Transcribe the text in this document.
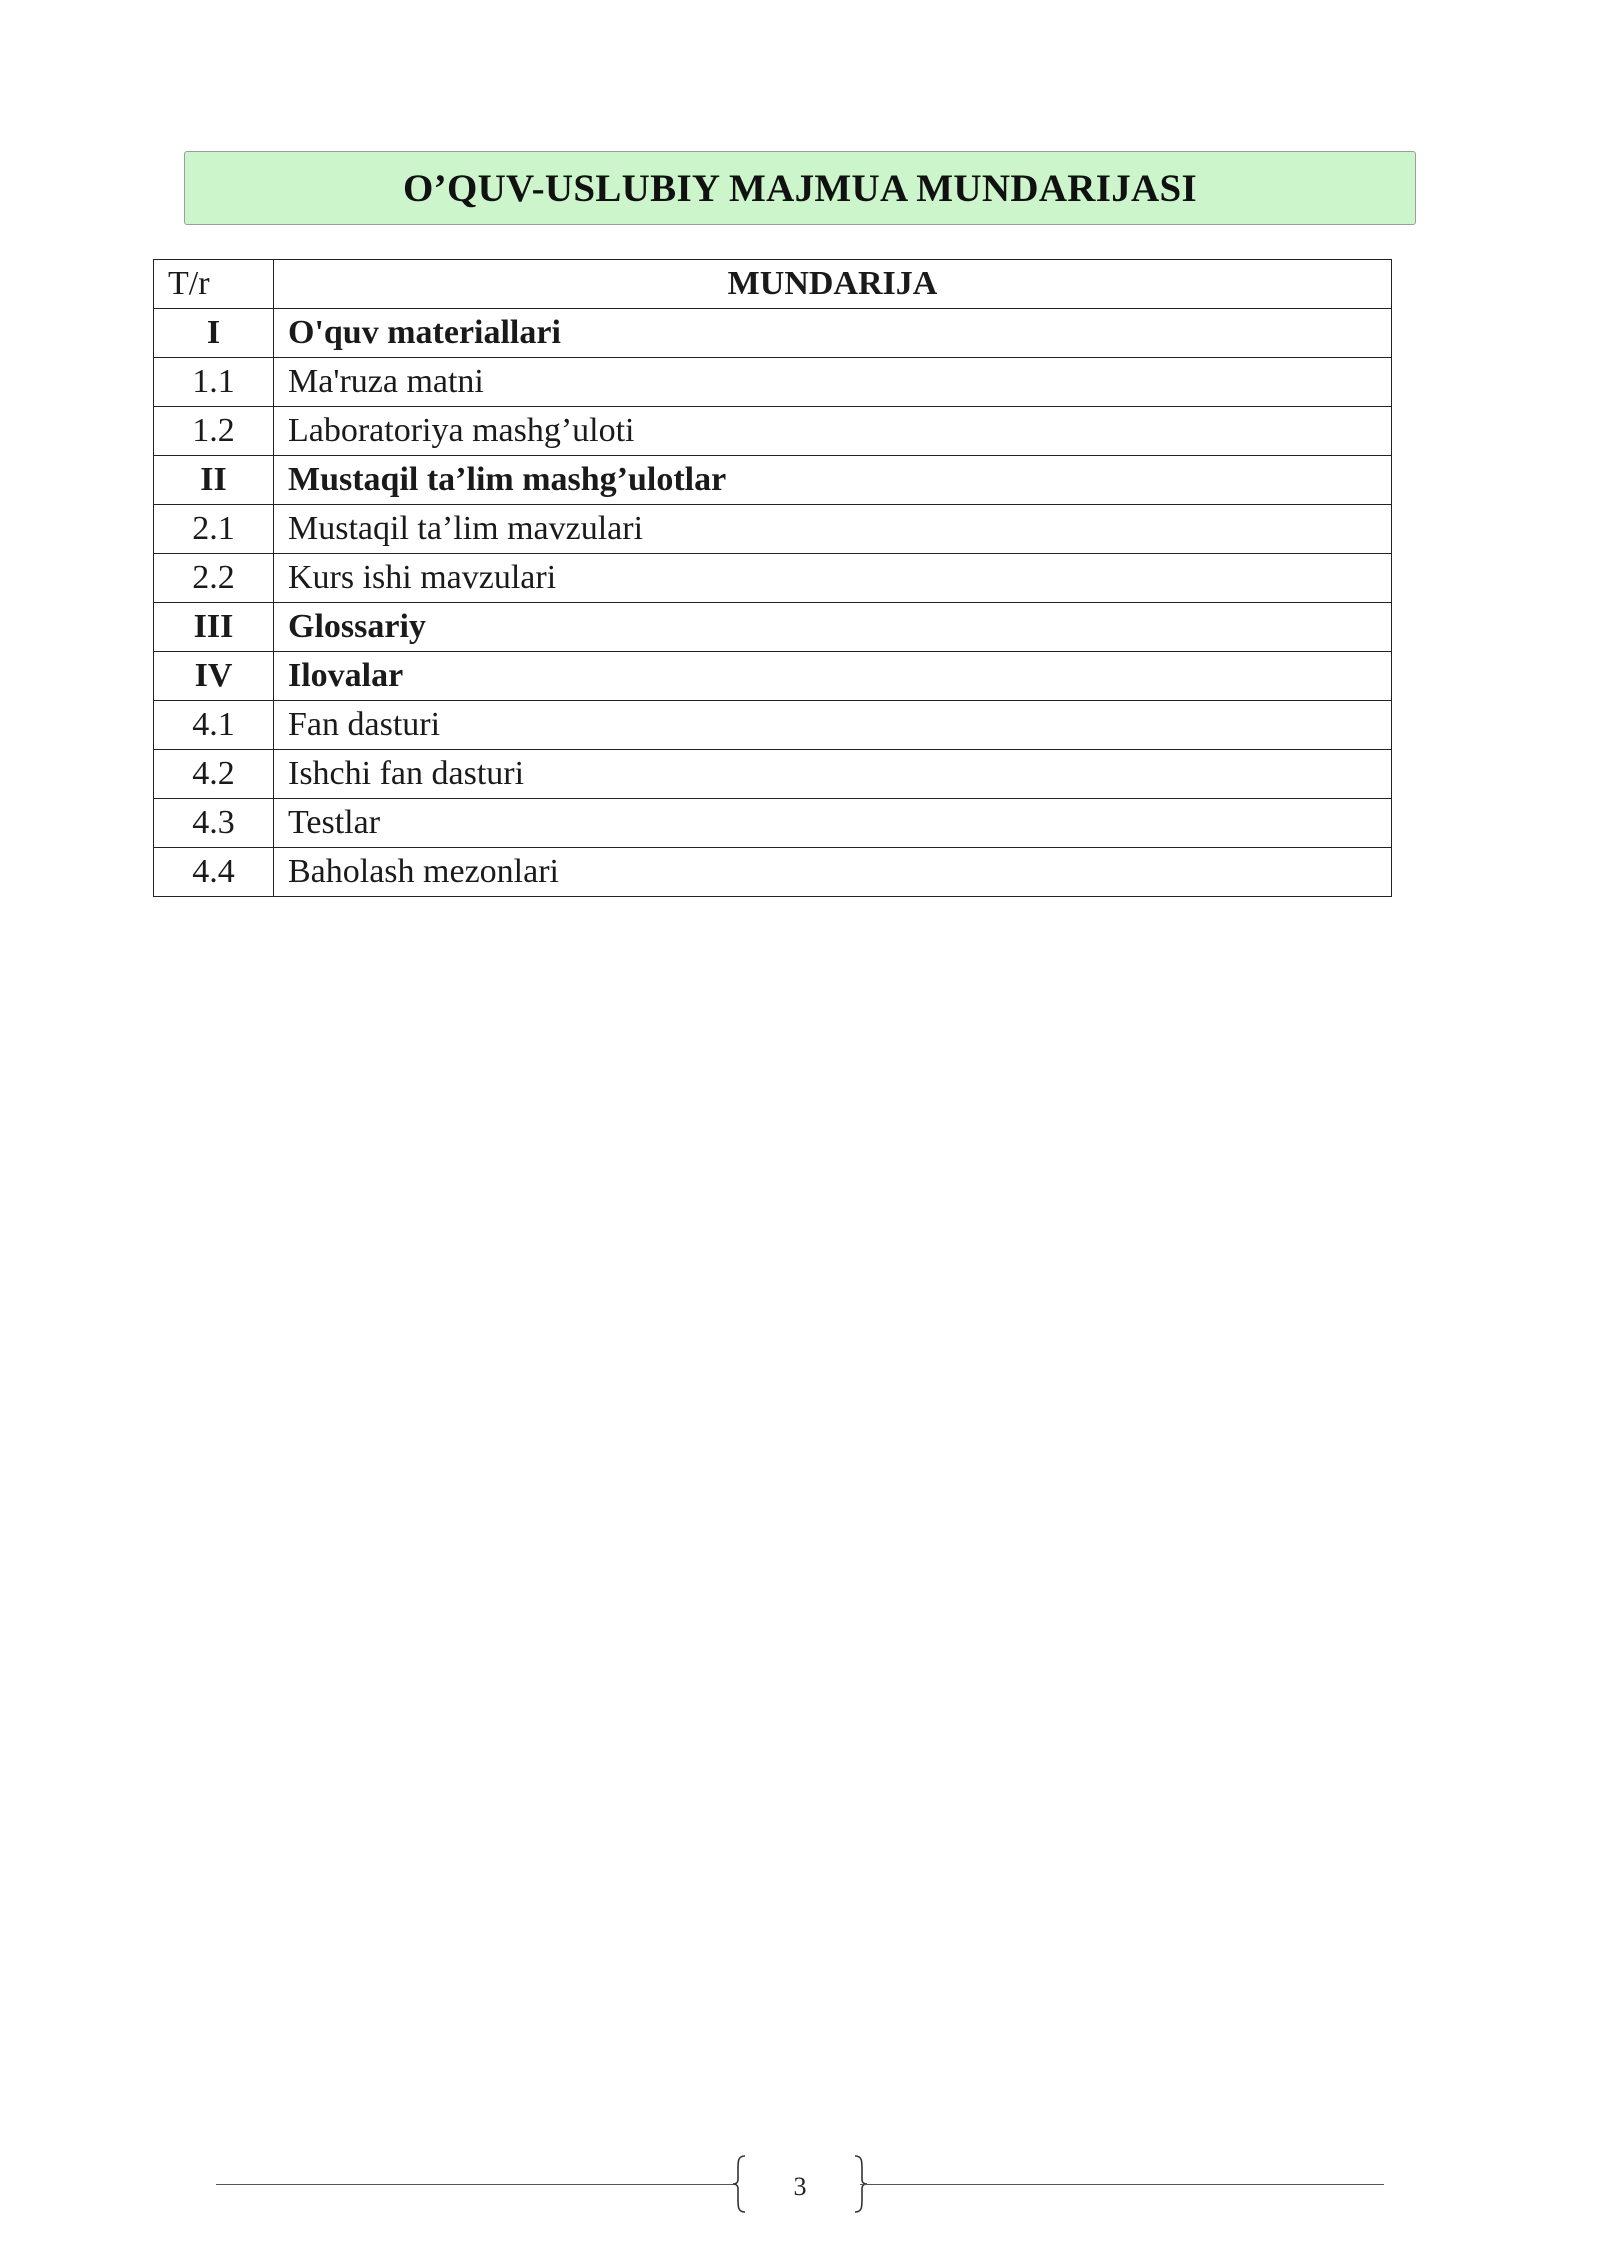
O’QUV-USLUBIY MAJMUA MUNDARIJASI
T/r	MUNDARIJA
I	O'quv materiallari
1.1	Ma'ruza matni
1.2	Laboratoriya mashg’uloti
II	Mustaqil ta’lim mashg’ulotlar
2.1	Mustaqil ta’lim mavzulari
2.2	Kurs ishi mavzulari
III	Glossariy
IV	Ilovalar
4.1	Fan dasturi
4.2	Ishchi fan dasturi
4.3	Testlar
4.4	Baholash mezonlari
3
